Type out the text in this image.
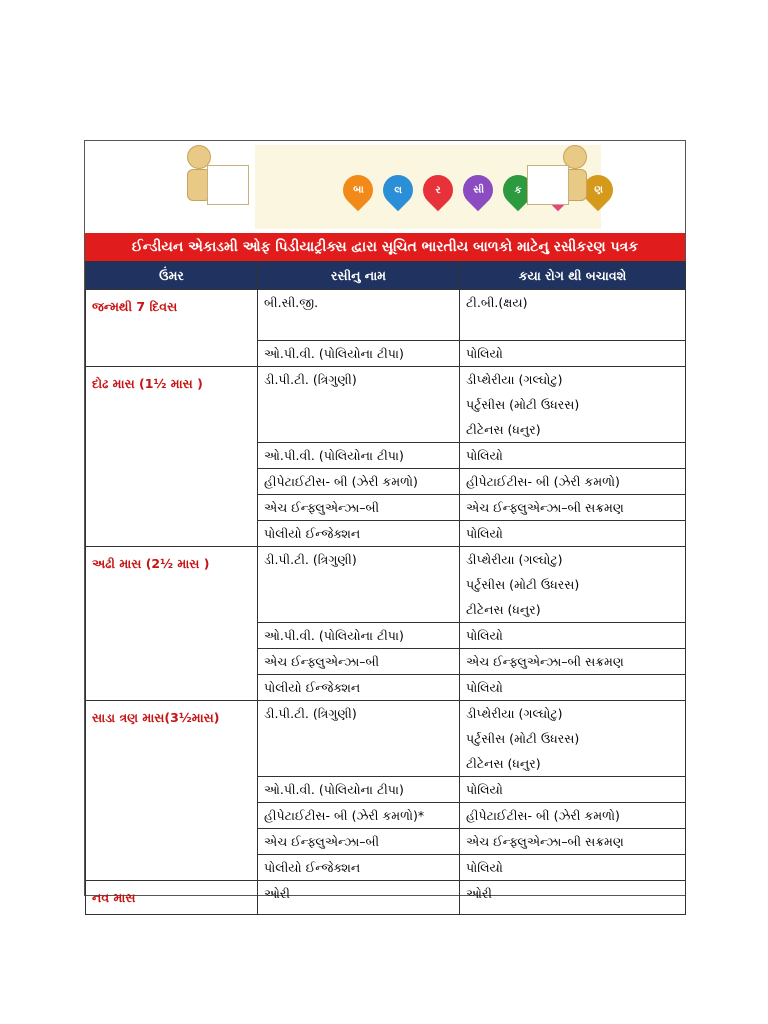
બા	લ	ર	સી	ક	ણ
ઈન્ડીયન એકાડમી ઓફ પિડીયાટ્રીક્સ દ્વારા સૂચિત ભારતીય બાળકો માટેનુ રસીકરણ પત્રક
ઉંમર	રસીનુ નામ	કયા રોગ થી બચાવશે
જન્મથી 7 દિવસ	બી.સી.જી.	ટી.બી.(ક્ષય)

	ઓ.પી.વી. (પોલિયોના ટીપા)	પોલિયો

દોઢ માસ (1½ માસ )	ડી.પી.ટી. (ત્રિગુણી)	ડીપ્થેરીયા (ગલ્ઘોટુ)
પર્ટુસીસ (મોટી ઉધરસ)
ટીટેનસ (ધનુર)

	ઓ.પી.વી. (પોલિયોના ટીપા)	પોલિયો

	હીપેટાઈટીસ- બી (ઝેરી કમળો)	હીપેટાઈટીસ- બી (ઝેરી કમળો)

	એચ ઈન્ફ્લુએન્ઝા–બી	એચ ઈન્ફ્લુએન્ઝા–બી સક્રમણ

	પોલીયો ઈન્જેક્શન	પોલિયો

અઢી માસ (2½ માસ )	ડી.પી.ટી. (ત્રિગુણી)	ડીપ્થેરીયા (ગલ્ઘોટુ)
પર્ટુસીસ (મોટી ઉધરસ)
ટીટેનસ (ધનુર)

	ઓ.પી.વી. (પોલિયોના ટીપા)	પોલિયો

	એચ ઈન્ફ્લુએન્ઝા–બી	એચ ઈન્ફ્લુએન્ઝા–બી સક્રમણ

	પોલીયો ઈન્જેક્શન	પોલિયો

સાડા ત્રણ માસ(3½માસ)	ડી.પી.ટી. (ત્રિગુણી)	ડીપ્થેરીયા (ગલ્ઘોટુ)
પર્ટુસીસ (મોટી ઉધરસ)
ટીટેનસ (ધનુર)

	ઓ.પી.વી. (પોલિયોના ટીપા)	પોલિયો

	હીપેટાઈટીસ- બી (ઝેરી કમળો)*	હીપેટાઈટીસ- બી (ઝેરી કમળો)

	એચ ઈન્ફ્લુએન્ઝા–બી	એચ ઈન્ફ્લુએન્ઝા–બી સક્રમણ

	પોલીયો ઈન્જેક્શન	પોલિયો

નવ માસ	ઓરી	ઓરી
